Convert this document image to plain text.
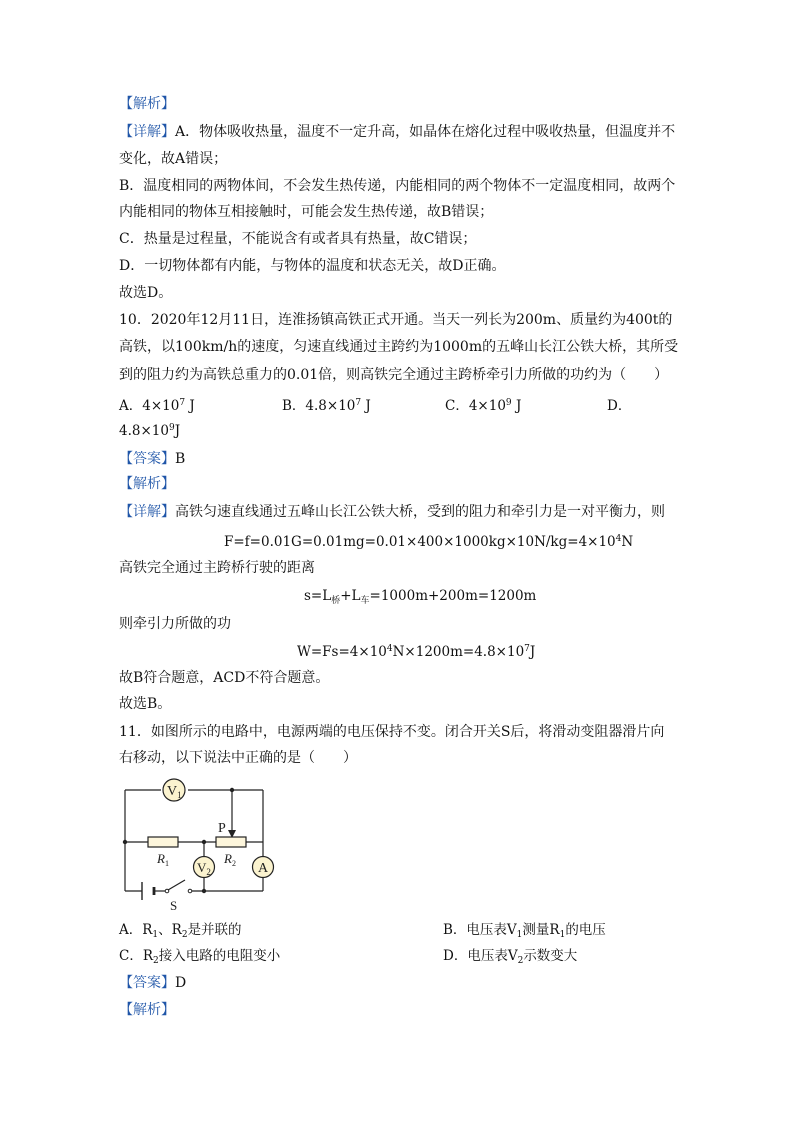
【解析】
【详解】A．物体吸收热量，温度不一定升高，如晶体在熔化过程中吸收热量，但温度并不
变化，故A错误；
B．温度相同的两物体间，不会发生热传递，内能相同的两个物体不一定温度相同，故两个
内能相同的物体互相接触时，可能会发生热传递，故B错误；
C．热量是过程量，不能说含有或者具有热量，故C错误；
D．一切物体都有内能，与物体的温度和状态无关，故D正确。
故选D。
10．2020年12月11日，连淮扬镇高铁正式开通。当天一列长为200m、质量约为400t的
高铁，以100km/h的速度，匀速直线通过主跨约为1000m的五峰山长江公铁大桥，其所受
到的阻力约为高铁总重力的0.01倍，则高铁完全通过主跨桥牵引力所做的功约为（　　）
A．$4\times 10^7$ J	B．$4.8\times 10^7$ J	C．$4\times 10^9$ J	D．
$4.8\times 10^9J$
【答案】B
【解析】
【详解】高铁匀速直线通过五峰山长江公铁大桥，受到的阻力和牵引力是一对平衡力，则
$F=f=0.01G=0.01mg=0.01\times 400\times 1000kg\times 10N/kg=4\times 10^4N$
高铁完全通过主跨桥行驶的距离
$s=L_桥+L_车=1000m+200m=1200m$
则牵引力所做的功
$W=Fs=4\times 10^4N\times 1200m=4.8\times 10^7J$
故B符合题意，ACD不符合题意。
故选B。
11．如图所示的电路中，电源两端的电压保持不变。闭合开关S后，将滑动变阻器滑片向
右移动，以下说法中正确的是（　　）
$V_1$
$V_2$	A
P
$R_1$	$R_2$
S
A．$R_1$、$R_2$是并联的	B．电压表$V_1$测量$R_1$的电压
C．$R_2$接入电路的电阻变小	D．电压表$V_2$示数变大
【答案】D
【解析】
